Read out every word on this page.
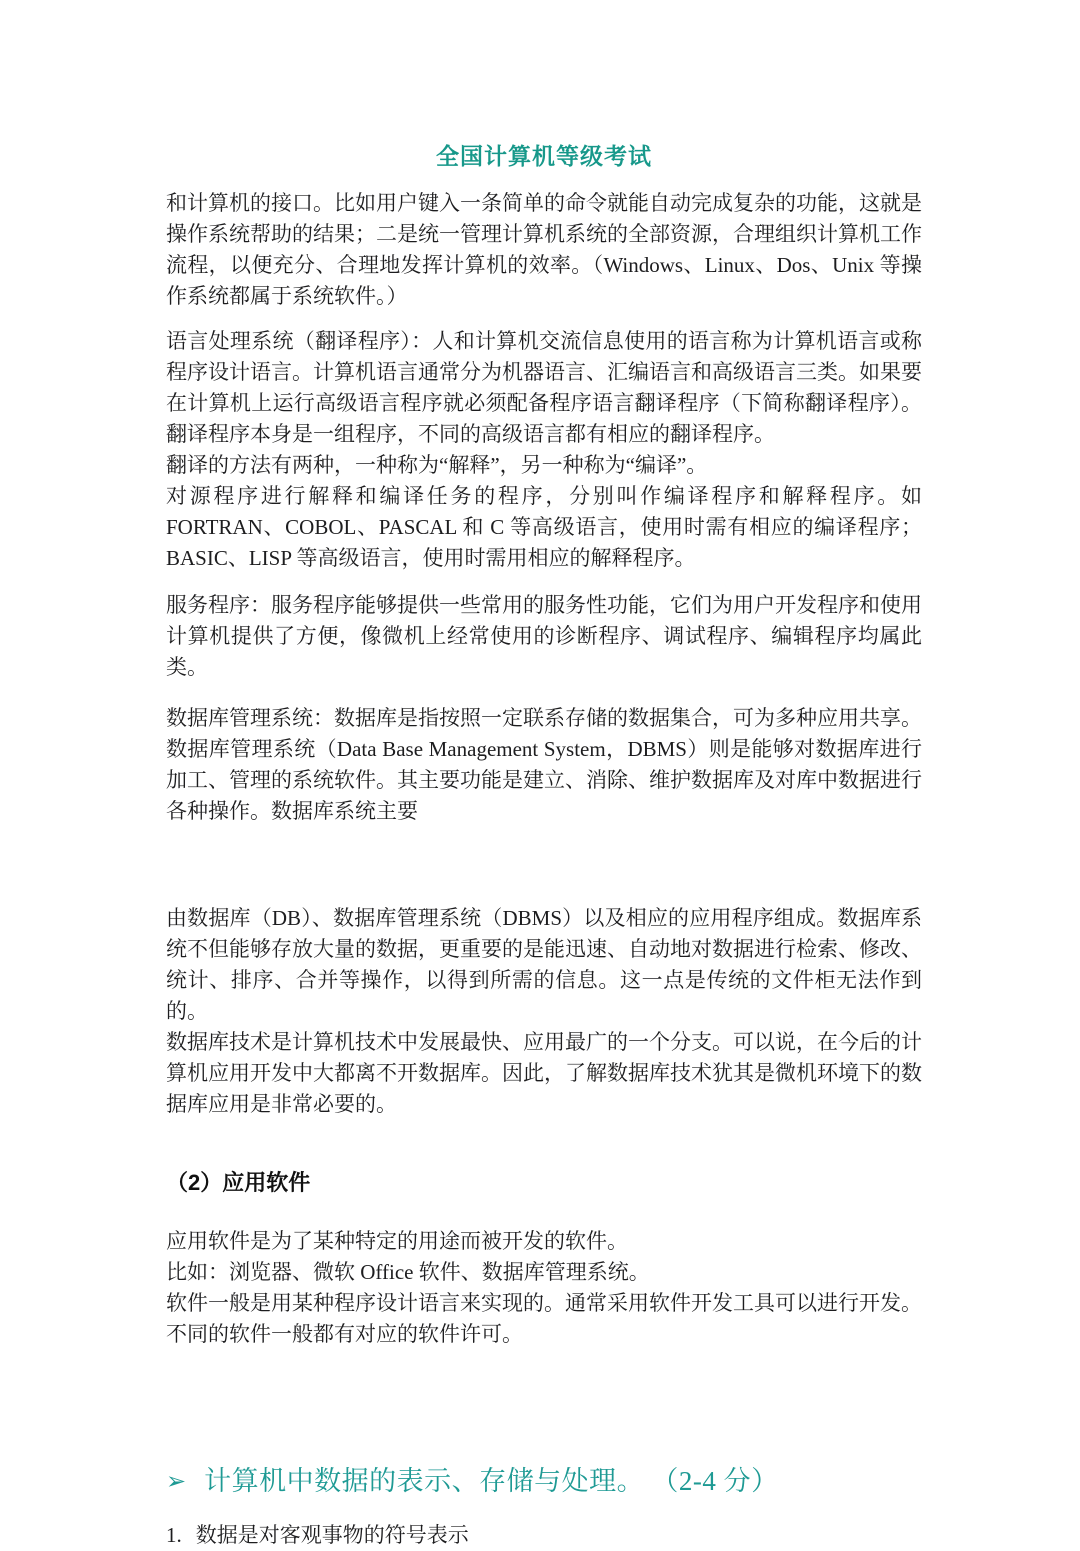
全国计算机等级考试

和计算机的接口。比如用户键入一条简单的命令就能自动完成复杂的功能，这就是操作系统帮助的结果；二是统一管理计算机系统的全部资源，合理组织计算机工作流程，以便充分、合理地发挥计算机的效率。（Windows、Linux、Dos、Unix 等操作系统都属于系统软件。）

语言处理系统（翻译程序）：人和计算机交流信息使用的语言称为计算机语言或称程序设计语言。计算机语言通常分为机器语言、汇编语言和高级语言三类。如果要在计算机上运行高级语言程序就必须配备程序语言翻译程序（下简称翻译程序）。翻译程序本身是一组程序，不同的高级语言都有相应的翻译程序。

翻译的方法有两种，一种称为“解释”，另一种称为“编译”。

对源程序进行解释和编译任务的程序，分别叫作编译程序和解释程序。如 FORTRAN、COBOL、PASCAL 和 C 等高级语言，使用时需有相应的编译程序；BASIC、LISP 等高级语言，使用时需用相应的解释程序。

服务程序：服务程序能够提供一些常用的服务性功能，它们为用户开发程序和使用计算机提供了方便，像微机上经常使用的诊断程序、调试程序、编辑程序均属此类。

数据库管理系统：数据库是指按照一定联系存储的数据集合，可为多种应用共享。数据库管理系统（Data Base Management System，DBMS）则是能够对数据库进行加工、管理的系统软件。其主要功能是建立、消除、维护数据库及对库中数据进行各种操作。数据库系统主要

由数据库（DB）、数据库管理系统（DBMS）以及相应的应用程序组成。数据库系统不但能够存放大量的数据，更重要的是能迅速、自动地对数据进行检索、修改、统计、排序、合并等操作，以得到所需的信息。这一点是传统的文件柜无法作到的。

数据库技术是计算机技术中发展最快、应用最广的一个分支。可以说，在今后的计算机应用开发中大都离不开数据库。因此，了解数据库技术犹其是微机环境下的数据库应用是非常必要的。

（2）应用软件

应用软件是为了某种特定的用途而被开发的软件。

比如：浏览器、微软 Office 软件、数据库管理系统。

软件一般是用某种程序设计语言来实现的。通常采用软件开发工具可以进行开发。

不同的软件一般都有对应的软件许可。

➢ 计算机中数据的表示、存储与处理。 （2-4 分）
1. 数据是对客观事物的符号表示
